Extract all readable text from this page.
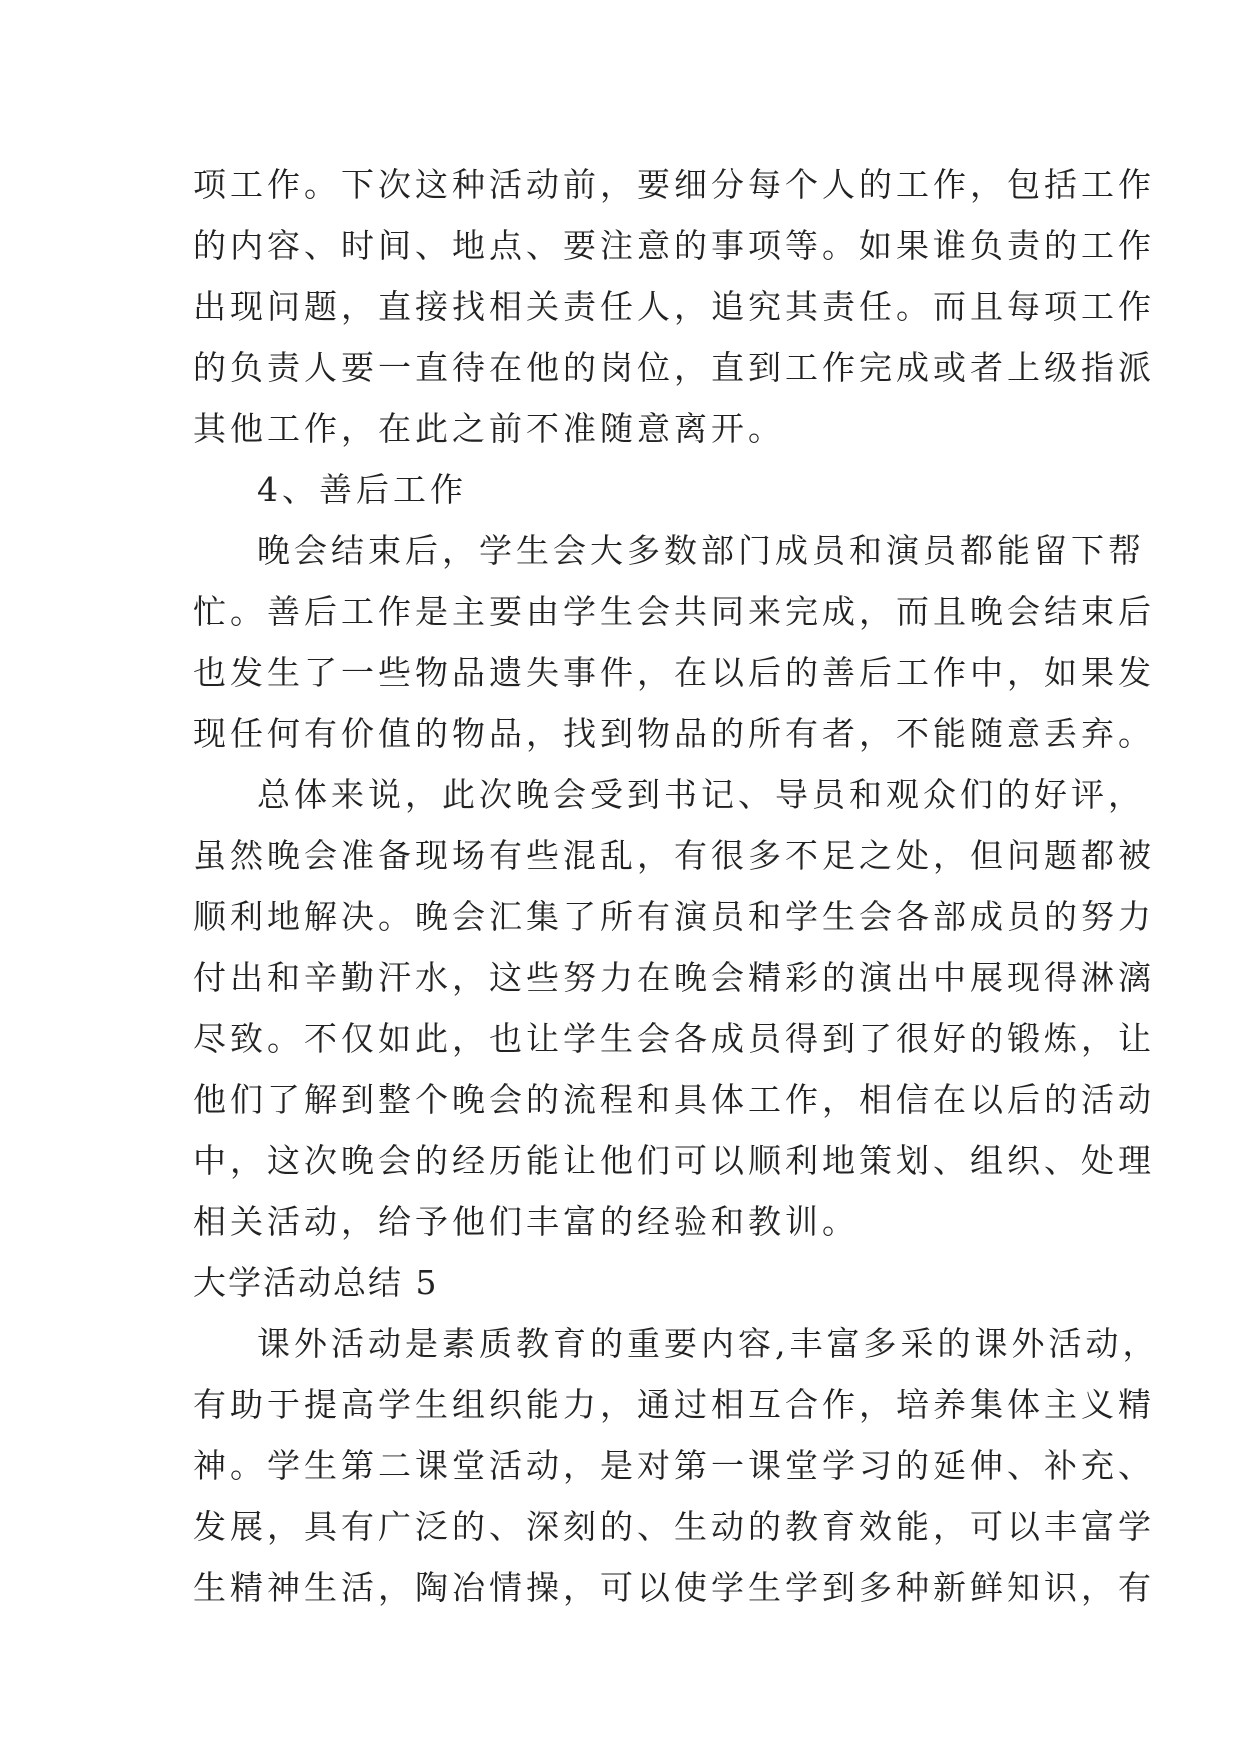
项工作。下次这种活动前，要细分每个人的工作，包括工作
的内容、时间、地点、要注意的事项等。如果谁负责的工作
出现问题，直接找相关责任人，追究其责任。而且每项工作
的负责人要一直待在他的岗位，直到工作完成或者上级指派
其他工作，在此之前不准随意离开。
4、善后工作
晚会结束后，学生会大多数部门成员和演员都能留下帮
忙。善后工作是主要由学生会共同来完成，而且晚会结束后
也发生了一些物品遗失事件，在以后的善后工作中，如果发
现任何有价值的物品，找到物品的所有者，不能随意丢弃。
总体来说，此次晚会受到书记、导员和观众们的好评，
虽然晚会准备现场有些混乱，有很多不足之处，但问题都被
顺利地解决。晚会汇集了所有演员和学生会各部成员的努力
付出和辛勤汗水，这些努力在晚会精彩的演出中展现得淋漓
尽致。不仅如此，也让学生会各成员得到了很好的锻炼，让
他们了解到整个晚会的流程和具体工作，相信在以后的活动
中，这次晚会的经历能让他们可以顺利地策划、组织、处理
相关活动，给予他们丰富的经验和教训。
大学活动总结 5
课外活动是素质教育的重要内容,丰富多采的课外活动，
有助于提高学生组织能力，通过相互合作，培养集体主义精
神。学生第二课堂活动，是对第一课堂学习的延伸、补充、
发展，具有广泛的、深刻的、生动的教育效能，可以丰富学
生精神生活，陶冶情操，可以使学生学到多种新鲜知识，有
